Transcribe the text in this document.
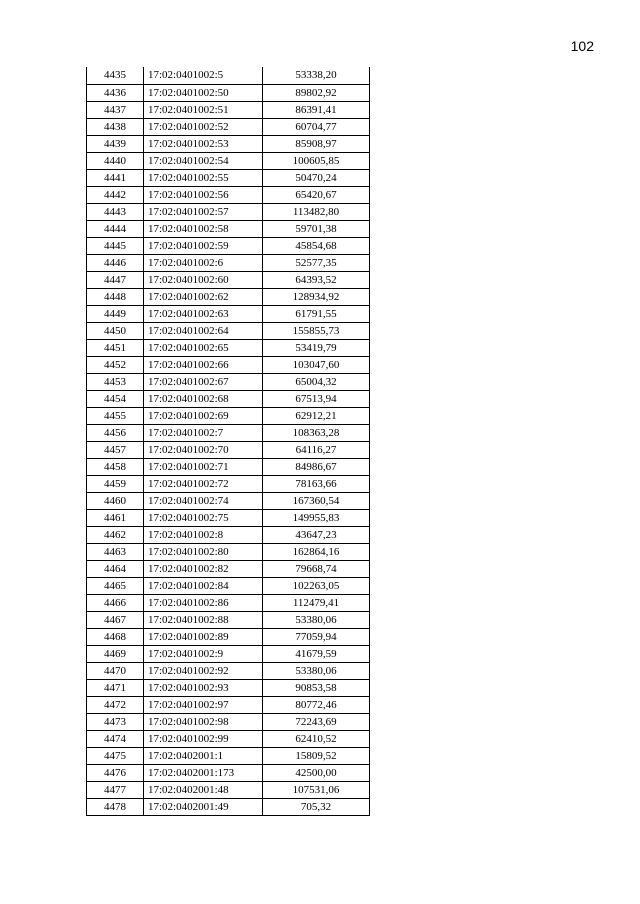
102
4435	17:02:0401002:5	53338,20
4436	17:02:0401002:50	89802,92
4437	17:02:0401002:51	86391,41
4438	17:02:0401002:52	60704,77
4439	17:02:0401002:53	85908,97
4440	17:02:0401002:54	100605,85
4441	17:02:0401002:55	50470,24
4442	17:02:0401002:56	65420,67
4443	17:02:0401002:57	113482,80
4444	17:02:0401002:58	59701,38
4445	17:02:0401002:59	45854,68
4446	17:02:0401002:6	52577,35
4447	17:02:0401002:60	64393,52
4448	17:02:0401002:62	128934,92
4449	17:02:0401002:63	61791,55
4450	17:02:0401002:64	155855,73
4451	17:02:0401002:65	53419,79
4452	17:02:0401002:66	103047,60
4453	17:02:0401002:67	65004,32
4454	17:02:0401002:68	67513,94
4455	17:02:0401002:69	62912,21
4456	17:02:0401002:7	108363,28
4457	17:02:0401002:70	64116,27
4458	17:02:0401002:71	84986,67
4459	17:02:0401002:72	78163,66
4460	17:02:0401002:74	167360,54
4461	17:02:0401002:75	149955,83
4462	17:02:0401002:8	43647,23
4463	17:02:0401002:80	162864,16
4464	17:02:0401002:82	79668,74
4465	17:02:0401002:84	102263,05
4466	17:02:0401002:86	112479,41
4467	17:02:0401002:88	53380,06
4468	17:02:0401002:89	77059,94
4469	17:02:0401002:9	41679,59
4470	17:02:0401002:92	53380,06
4471	17:02:0401002:93	90853,58
4472	17:02:0401002:97	80772,46
4473	17:02:0401002:98	72243,69
4474	17:02:0401002:99	62410,52
4475	17:02:0402001:1	15809,52
4476	17:02:0402001:173	42500,00
4477	17:02:0402001:48	107531,06
4478	17:02:0402001:49	705,32
